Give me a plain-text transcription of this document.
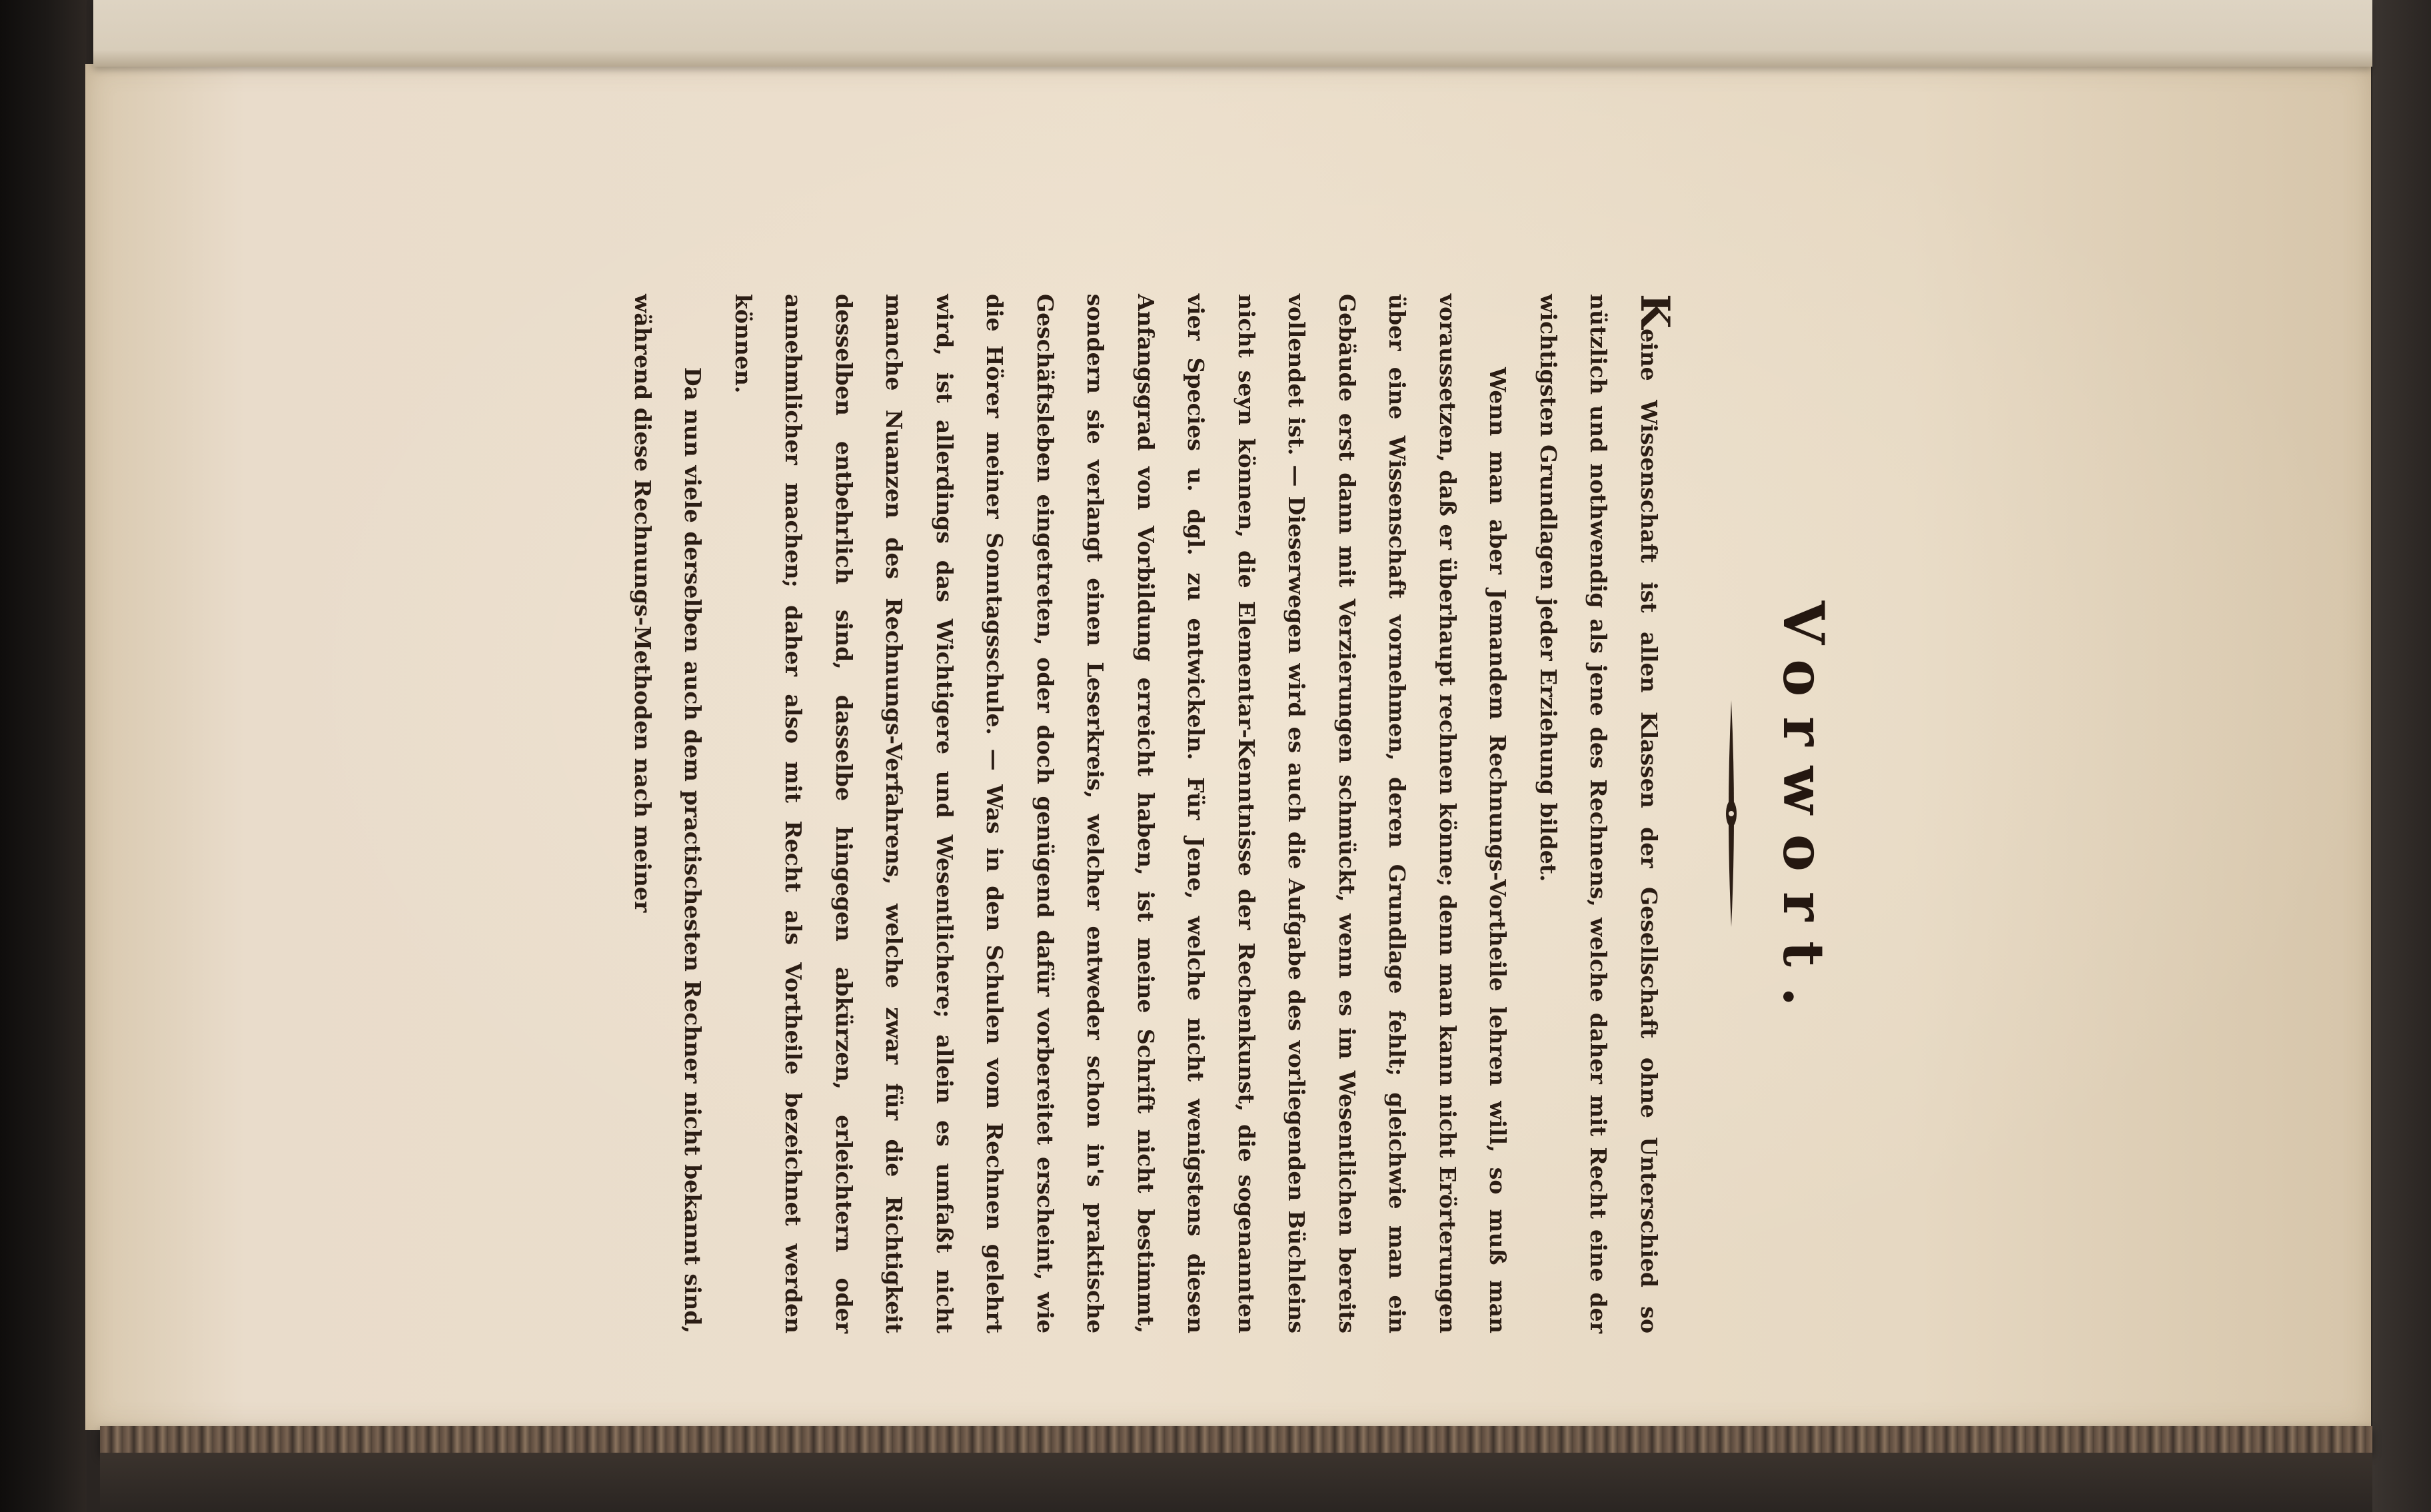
Vorwort.

Keine Wissenschaft ist allen Klassen der Gesellschaft ohne Unterschied so nützlich und nothwendig als jene des Rechnens, welche daher mit Recht eine der wichtigsten Grundlagen jeder Erziehung bildet.

Wenn man aber Jemandem Rechnungs-Vortheile lehren will, so muß man voraussetzen, daß er überhaupt rechnen könne; denn man kann nicht Erörterungen über eine Wissenschaft vornehmen, deren Grundlage fehlt; gleichwie man ein Gebäude erst dann mit Verzierungen schmückt, wenn es im Wesentlichen bereits vollendet ist. — Dieserwegen wird es auch die Aufgabe des vorliegenden Büchleins nicht seyn können, die Elementar-Kenntnisse der Rechenkunst, die sogenannten vier Species u. dgl. zu entwickeln. Für Jene, welche nicht wenigstens diesen Anfangsgrad von Vorbildung erreicht haben, ist meine Schrift nicht bestimmt, sondern sie verlangt einen Leserkreis, welcher entweder schon in's praktische Geschäftsleben eingetreten, oder doch genügend dafür vorbereitet erscheint, wie die Hörer meiner Sonntagsschule. — Was in den Schulen vom Rechnen gelehrt wird, ist allerdings das Wichtigere und Wesentlichere; allein es umfaßt nicht manche Nuanzen des Rechnungs-Verfahrens, welche zwar für die Richtigkeit desselben entbehrlich sind, dasselbe hingegen abkürzen, erleichtern oder annehmlicher machen; daher also mit Recht als Vortheile bezeichnet werden können.

Da nun viele derselben auch dem practischesten Rechner nicht bekannt sind, während diese Rechnungs-Methoden nach meiner
